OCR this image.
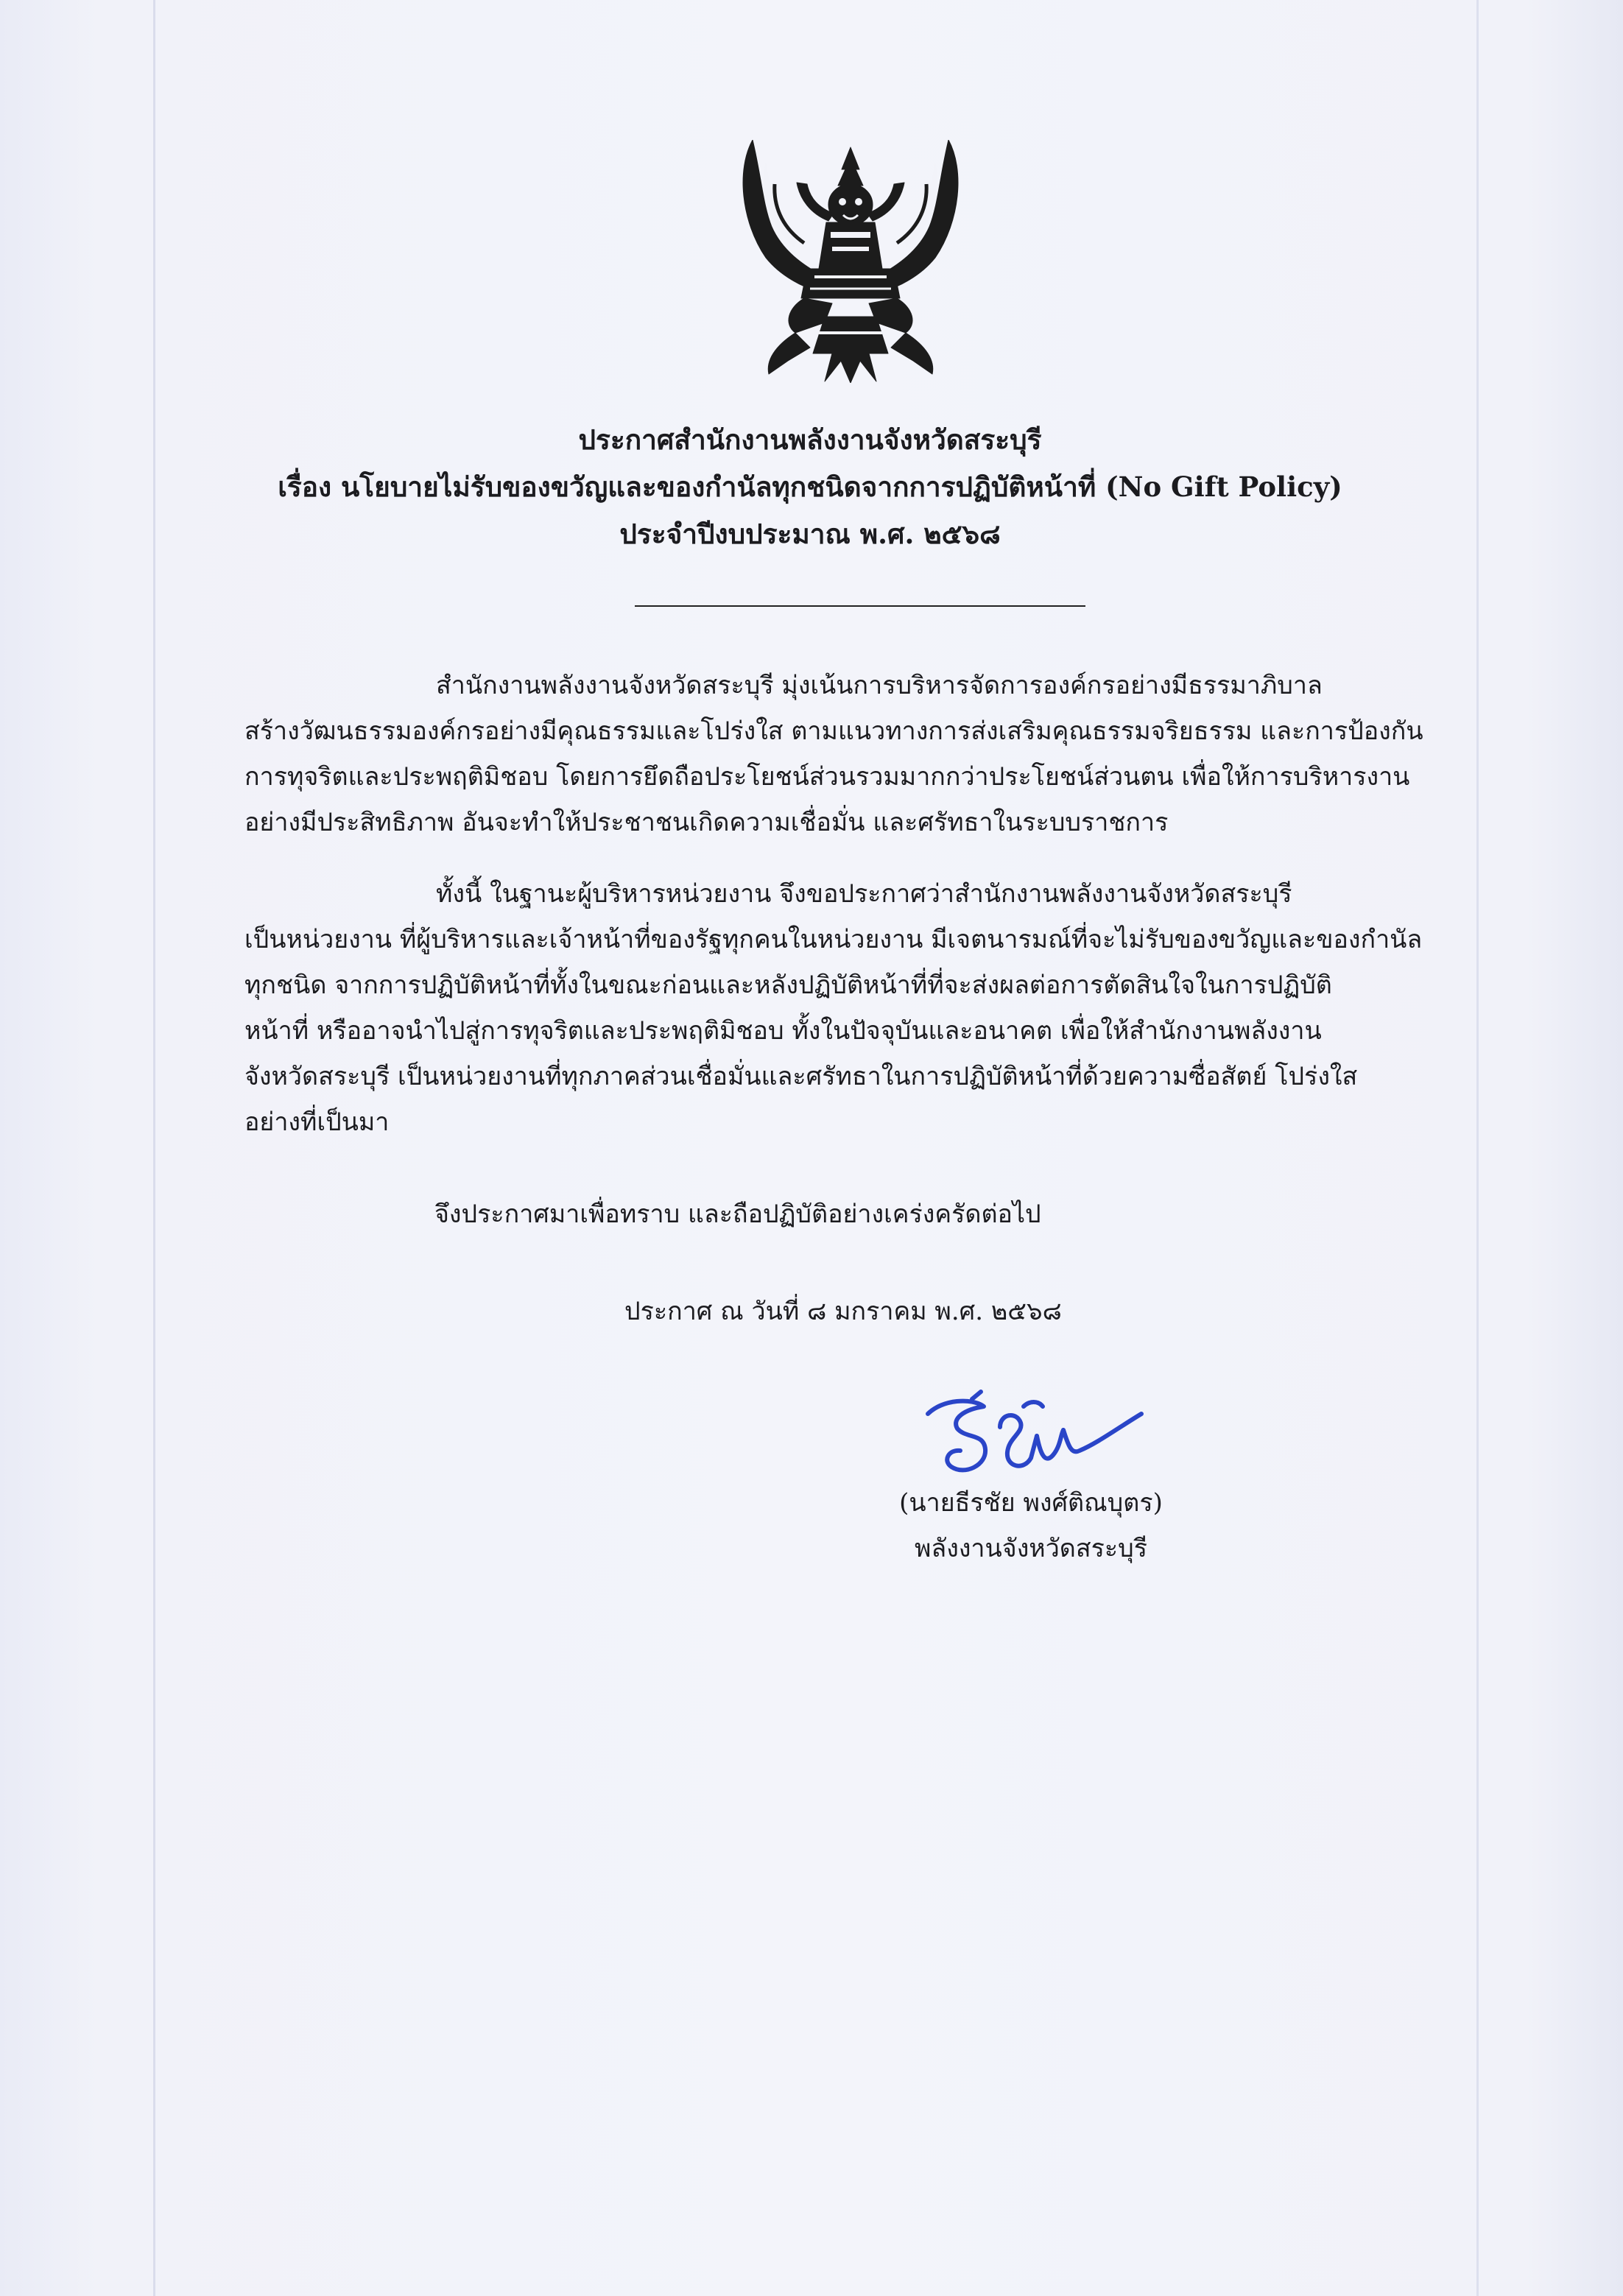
ประกาศสำนักงานพลังงานจังหวัดสระบุรี
เรื่อง นโยบายไม่รับของขวัญและของกำนัลทุกชนิดจากการปฏิบัติหน้าที่ (No Gift Policy)
ประจำปีงบประมาณ พ.ศ. ๒๕๖๘
สำนักงานพลังงานจังหวัดสระบุรี มุ่งเน้นการบริหารจัดการองค์กรอย่างมีธรรมาภิบาล
สร้างวัฒนธรรมองค์กรอย่างมีคุณธรรมและโปร่งใส ตามแนวทางการส่งเสริมคุณธรรมจริยธรรม และการป้องกัน
การทุจริตและประพฤติมิชอบ โดยการยึดถือประโยชน์ส่วนรวมมากกว่าประโยชน์ส่วนตน เพื่อให้การบริหารงาน
อย่างมีประสิทธิภาพ อันจะทำให้ประชาชนเกิดความเชื่อมั่น และศรัทธาในระบบราชการ
ทั้งนี้ ในฐานะผู้บริหารหน่วยงาน จึงขอประกาศว่าสำนักงานพลังงานจังหวัดสระบุรี
เป็นหน่วยงาน ที่ผู้บริหารและเจ้าหน้าที่ของรัฐทุกคนในหน่วยงาน มีเจตนารมณ์ที่จะไม่รับของขวัญและของกำนัล
ทุกชนิด จากการปฏิบัติหน้าที่ทั้งในขณะก่อนและหลังปฏิบัติหน้าที่ที่จะส่งผลต่อการตัดสินใจในการปฏิบัติ
หน้าที่ หรืออาจนำไปสู่การทุจริตและประพฤติมิชอบ ทั้งในปัจจุบันและอนาคต เพื่อให้สำนักงานพลังงาน
จังหวัดสระบุรี เป็นหน่วยงานที่ทุกภาคส่วนเชื่อมั่นและศรัทธาในการปฏิบัติหน้าที่ด้วยความซื่อสัตย์ โปร่งใส
อย่างที่เป็นมา
จึงประกาศมาเพื่อทราบ และถือปฏิบัติอย่างเคร่งครัดต่อไป
ประกาศ ณ วันที่ ๘ มกราคม พ.ศ. ๒๕๖๘
(นายธีรชัย พงศ์ติณบุตร)
พลังงานจังหวัดสระบุรี
